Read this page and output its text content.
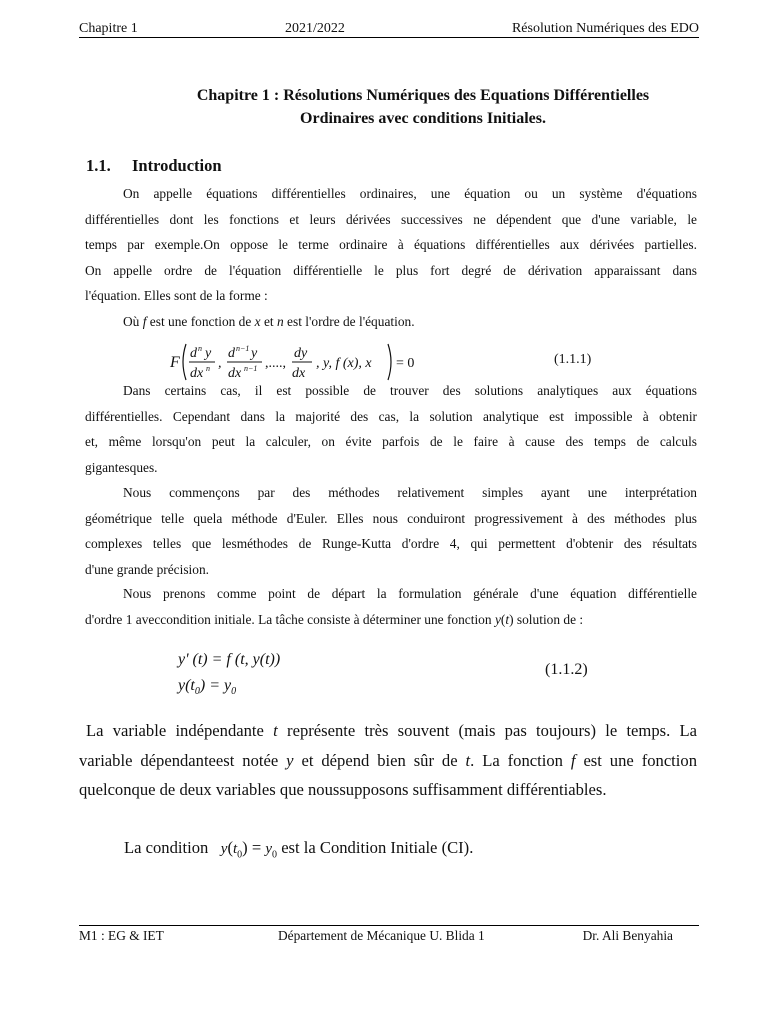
Chapitre 1	2021/2022	Résolution Numériques des EDO
Chapitre 1 : Résolutions Numériques des Equations Différentielles
Ordinaires avec conditions Initiales.
1.1. Introduction
On appelle équations différentielles ordinaires, une équation ou un système d'équations
différentielles dont les fonctions et leurs dérivées successives ne dépendent que d'une variable, le
temps par exemple.On oppose le terme ordinaire à équations différentielles aux dérivées partielles.
On appelle ordre de l'équation différentielle le plus fort degré de dérivation apparaissant dans
l'équation. Elles sont de la forme :
Où f est une fonction de x et n est l'ordre de l'équation.
F
d n y
dx n ,
d n−1 y
dx n−1 ,....,
dy
dx
, y, f (x), x = 0	(1.1.1)
Dans certains cas, il est possible de trouver des solutions analytiques aux équations
différentielles. Cependant dans la majorité des cas, la solution analytique est impossible à obtenir
et, même lorsqu'on peut la calculer, on évite parfois de le faire à cause des temps de calculs
gigantesques.
Nous commençons par des méthodes relativement simples ayant une interprétation
géométrique telle quela méthode d'Euler. Elles nous conduiront progressivement à des méthodes plus
complexes telles que lesméthodes de Runge-Kutta d'ordre 4, qui permettent d'obtenir des résultats
d'une grande précision.
Nous prenons comme point de départ la formulation générale d'une équation différentielle
d'ordre 1 aveccondition initiale. La tâche consiste à déterminer une fonction y(t) solution de :
y' (t) = f (t, y(t))
$y(t_0) = y_0$
(1.1.2)
La variable indépendante t représente très souvent (mais pas toujours) le temps. La
variable dépendanteest notée y et dépend bien sûr de t. La fonction f est une fonction
quelconque de deux variables que noussupposons suffisamment différentiables.
La condition $y(t_0) = y_0$ est la Condition Initiale (CI).
M1 : EG & IET	Département de Mécanique U. Blida 1	Dr. Ali Benyahia
